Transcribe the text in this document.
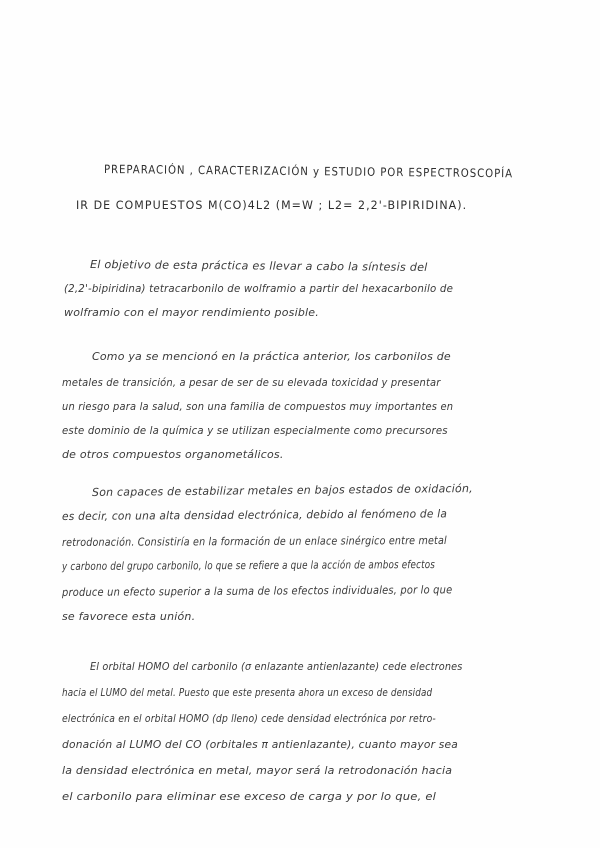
PREPARACIÓN , CARACTERIZACIÓN y ESTUDIO POR ESPECTROSCOPÍA
IR DE COMPUESTOS M(CO)4L2 (M=W ; L2= 2,2'-BIPIRIDINA).
El objetivo de esta práctica es llevar a cabo la síntesis del
(2,2'-bipiridina) tetracarbonilo de wolframio a partir del hexacarbonilo de
wolframio con el mayor rendimiento posible.
Como ya se mencionó en la práctica anterior, los carbonilos de
metales de transición, a pesar de ser de su elevada toxicidad y presentar
un riesgo para la salud, son una familia de compuestos muy importantes en
este dominio de la química y se utilizan especialmente como precursores
de otros compuestos organometálicos.
Son capaces de estabilizar metales en bajos estados de oxidación,
es decir, con una alta densidad electrónica, debido al fenómeno de la
retrodonación. Consistiría en la formación de un enlace sinérgico entre metal
y carbono del grupo carbonilo, lo que se refiere a que la acción de ambos efectos
produce un efecto superior a la suma de los efectos individuales, por lo que
se favorece esta unión.
El orbital HOMO del carbonilo (σ enlazante antienlazante) cede electrones
hacia el LUMO del metal. Puesto que este presenta ahora un exceso de densidad
electrónica en el orbital HOMO (dp lleno) cede densidad electrónica por retro-
donación al LUMO del CO (orbitales π antienlazante), cuanto mayor sea
la densidad electrónica en metal, mayor será la retrodonación hacia
el carbonilo para eliminar ese exceso de carga y por lo que, el
